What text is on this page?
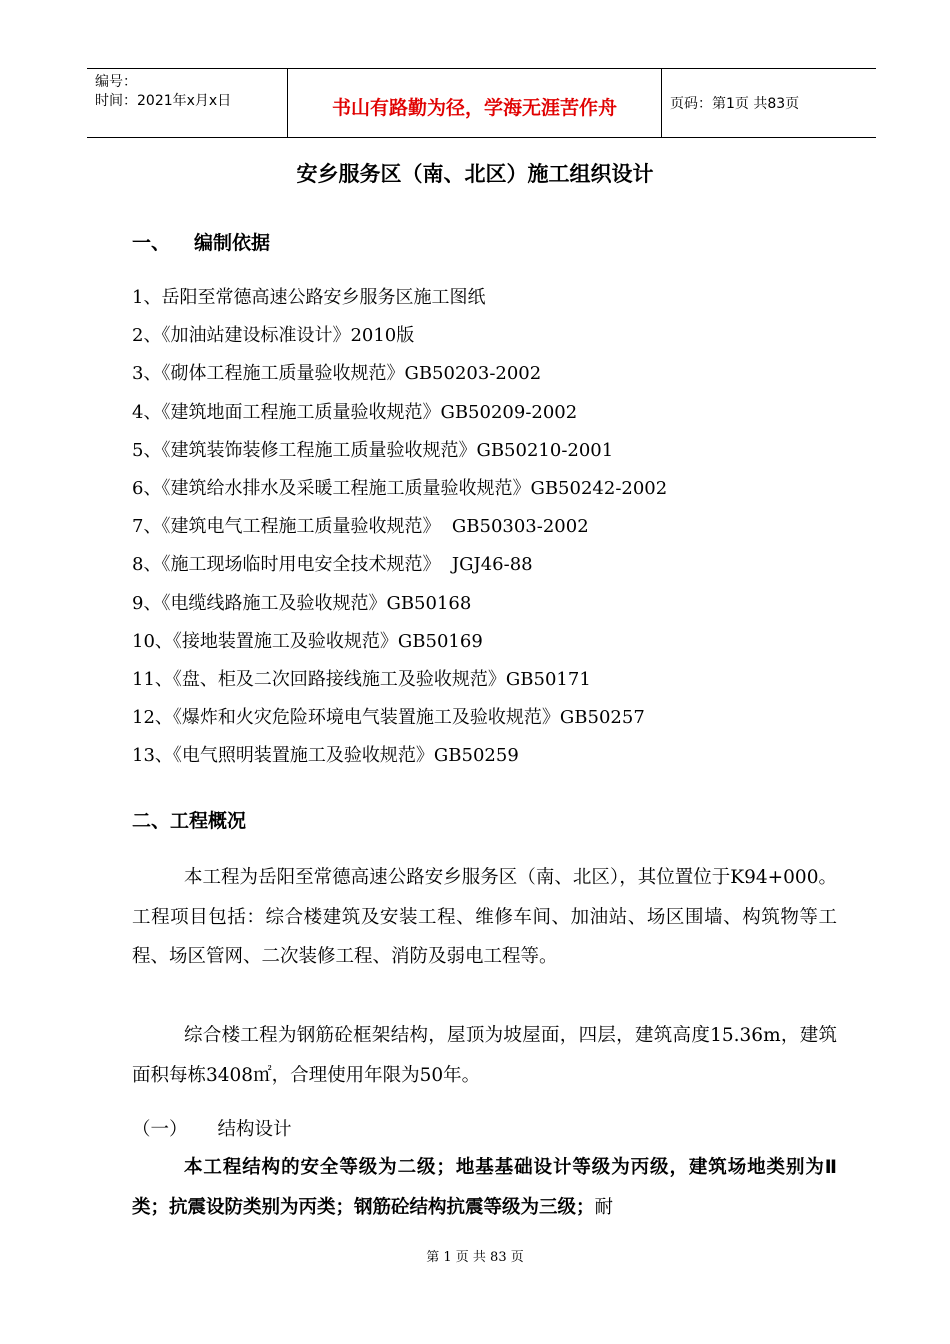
编号：
时间：2021年x月x日	书山有路勤为径，学海无涯苦作舟	页码：第1页 共83页
安乡服务区（南、北区）施工组织设计
一、 编制依据
1、岳阳至常德高速公路安乡服务区施工图纸
2、《加油站建设标准设计》2010版
3、《砌体工程施工质量验收规范》GB50203-2002
4、《建筑地面工程施工质量验收规范》GB50209-2002
5、《建筑装饰装修工程施工质量验收规范》GB50210-2001
6、《建筑给水排水及采暖工程施工质量验收规范》GB50242-2002
7、《建筑电气工程施工质量验收规范》  GB50303-2002
8、《施工现场临时用电安全技术规范》  JGJ46-88
9、《电缆线路施工及验收规范》GB50168
10、《接地装置施工及验收规范》GB50169
11、《盘、柜及二次回路接线施工及验收规范》GB50171
12、《爆炸和火灾危险环境电气装置施工及验收规范》GB50257
13、《电气照明装置施工及验收规范》GB50259
二、工程概况
本工程为岳阳至常德高速公路安乡服务区（南、北区），其位置位于K94+000。工程项目包括：综合楼建筑及安装工程、维修车间、加油站、场区围墙、构筑物等工程、场区管网、二次装修工程、消防及弱电工程等。
综合楼工程为钢筋砼框架结构，屋顶为坡屋面，四层，建筑高度15.36m，建筑面积每栋3408㎡，合理使用年限为50年。
（一） 结构设计
本工程结构的安全等级为二级；地基基础设计等级为丙级，建筑场地类别为Ⅱ类；抗震设防类别为丙类；钢筋砼结构抗震等级为三级；耐
第 1 页 共 83 页
